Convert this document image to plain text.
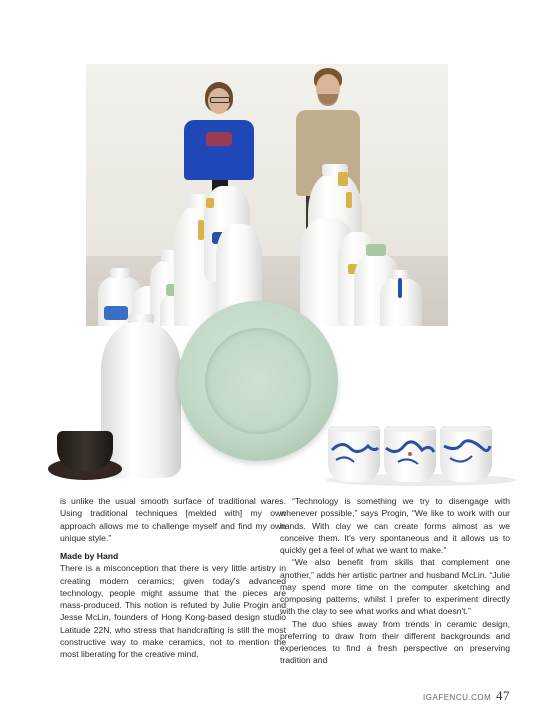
is unlike the usual smooth surface of traditional wares. Using traditional techniques [melded with] my own approach allows me to challenge myself and find my own unique style.”

Made by Hand

There is a misconception that there is very little artistry in creating modern ceramics; given today's advanced technology, people might assume that the pieces are mass-produced. This notion is refuted by Julie Progin and Jesse McLin, founders of Hong Kong-based design studio Latitude 22N, who stress that handcrafting is still the most constructive way to make ceramics, not to mention the most liberating for the creative mind.

“Technology is something we try to disengage with whenever possible,” says Progin, “We like to work with our hands. With clay we can create forms almost as we conceive them. It's very spontaneous and it allows us to quickly get a feel of what we want to make.”

“We also benefit from skills that complement one another,” adds her artistic partner and husband McLin. “Julie may spend more time on the computer sketching and composing patterns, whilst I prefer to experiment directly with the clay to see what works and what doesn't.”

The duo shies away from trends in ceramic design, preferring to draw from their different backgrounds and experiences to find a fresh perspective on preserving tradition and

IGAFENCU.COM 47
